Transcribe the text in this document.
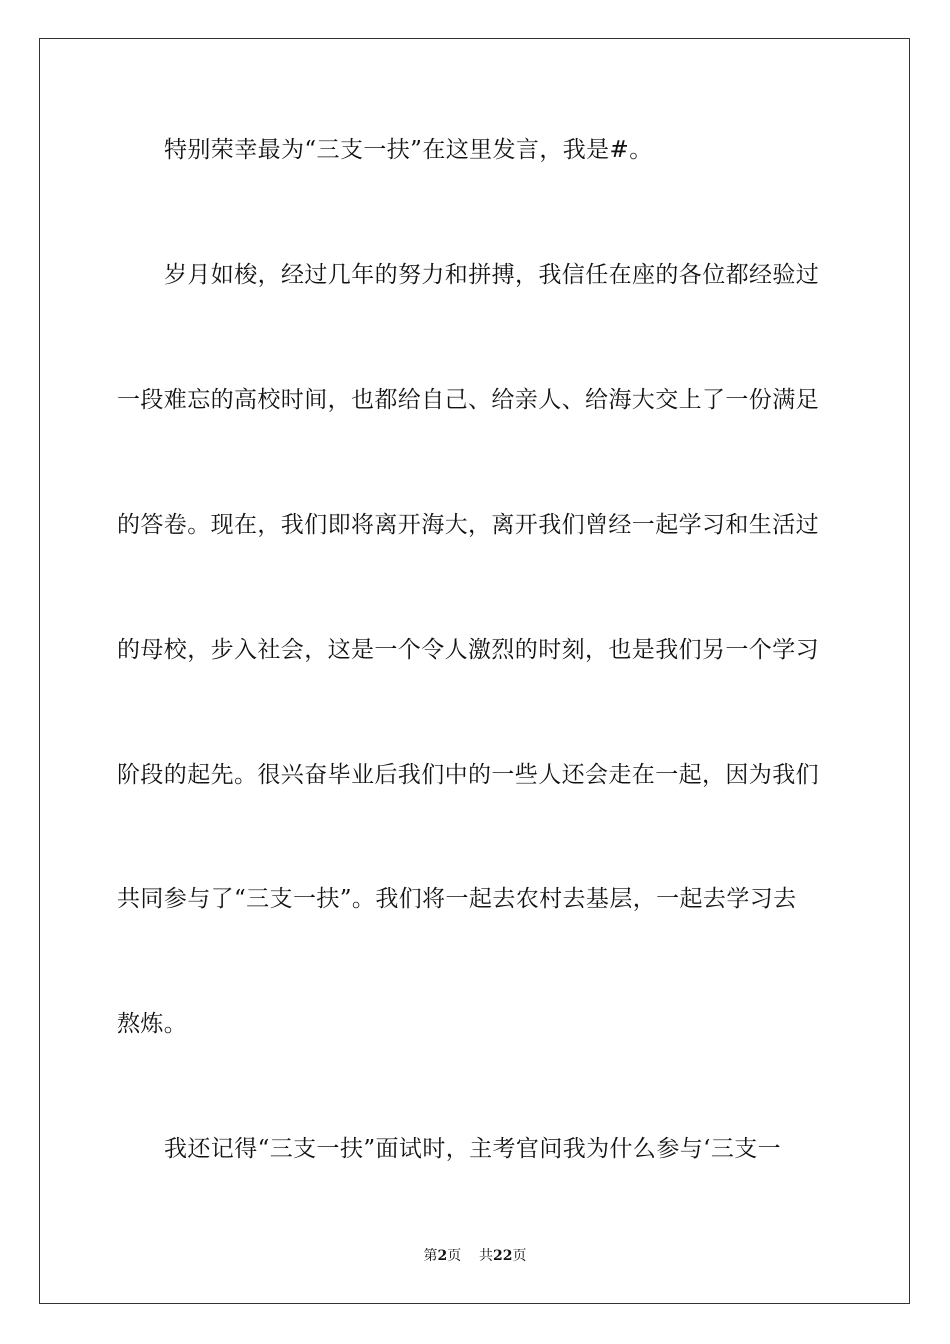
特别荣幸最为“三支一扶”在这里发言，我是#。
岁月如梭，经过几年的努力和拼搏，我信任在座的各位都经验过
一段难忘的高校时间，也都给自己、给亲人、给海大交上了一份满足
的答卷。现在，我们即将离开海大，离开我们曾经一起学习和生活过
的母校，步入社会，这是一个令人激烈的时刻，也是我们另一个学习
阶段的起先。很兴奋毕业后我们中的一些人还会走在一起，因为我们
共同参与了“三支一扶”。我们将一起去农村去基层，一起去学习去
熬炼。
我还记得“三支一扶”面试时，主考官问我为什么参与‘三支一
第2页 共22页
